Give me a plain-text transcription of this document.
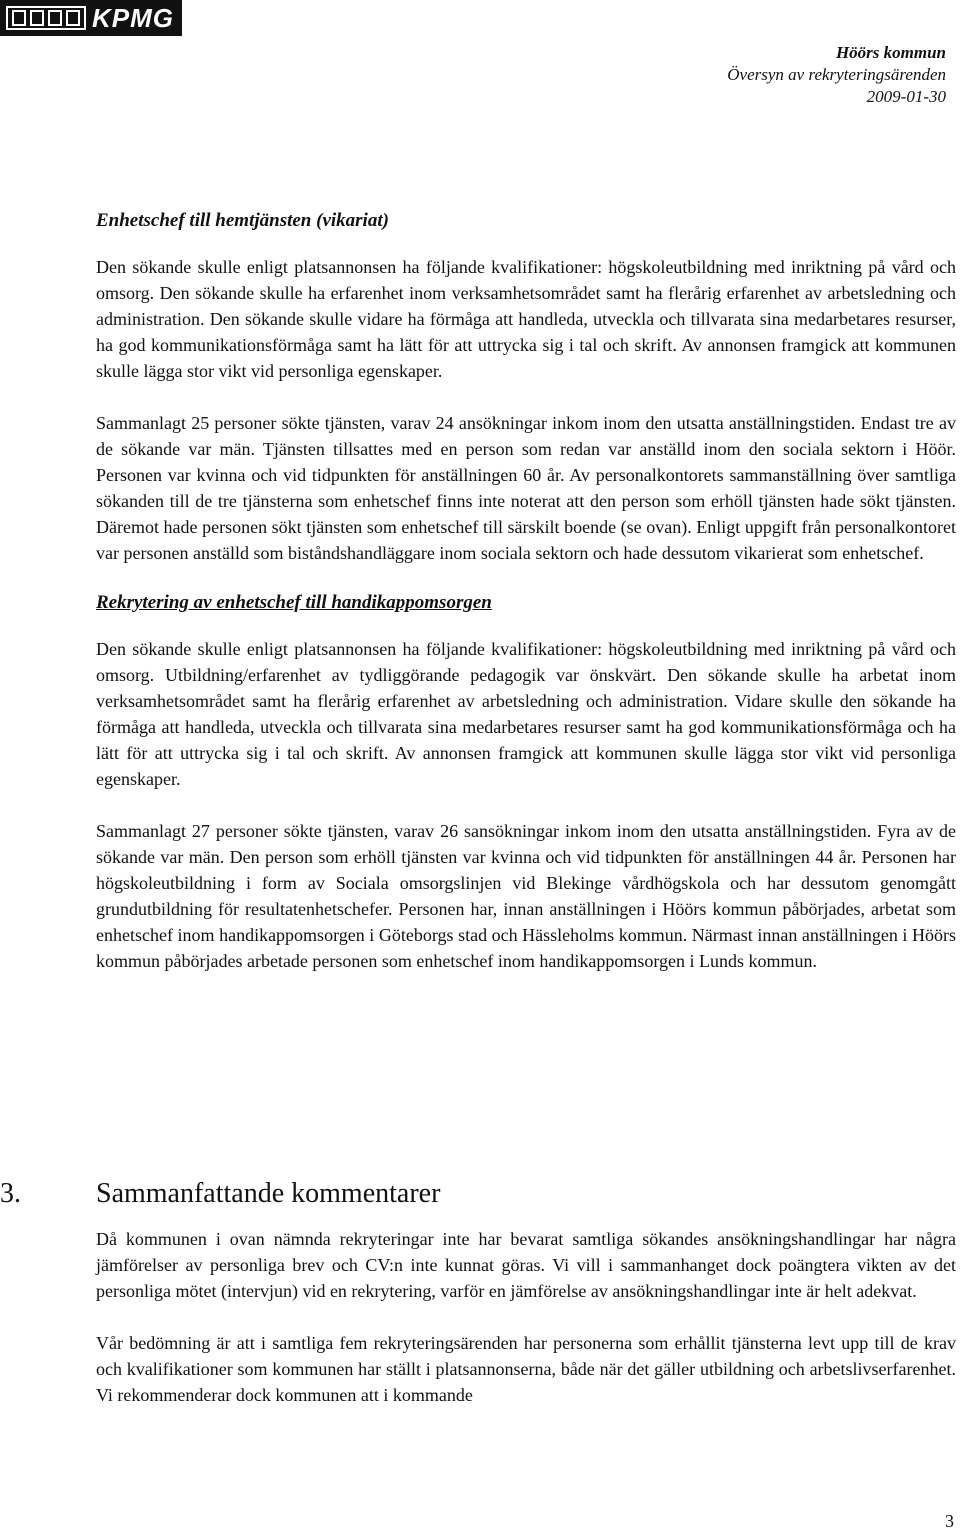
KPMG
Höörs kommun
Översyn av rekryteringsärenden
2009-01-30
Enhetschef till hemtjänsten (vikariat)

Den sökande skulle enligt platsannonsen ha följande kvalifikationer: högskoleutbildning med inriktning på vård och omsorg. Den sökande skulle ha erfarenhet inom verksamhetsområdet samt ha flerårig erfarenhet av arbetsledning och administration. Den sökande skulle vidare ha förmåga att handleda, utveckla och tillvarata sina medarbetares resurser, ha god kommunikationsförmåga samt ha lätt för att uttrycka sig i tal och skrift. Av annonsen framgick att kommunen skulle lägga stor vikt vid personliga egenskaper.

Sammanlagt 25 personer sökte tjänsten, varav 24 ansökningar inkom inom den utsatta anställningstiden. Endast tre av de sökande var män. Tjänsten tillsattes med en person som redan var anställd inom den sociala sektorn i Höör. Personen var kvinna och vid tidpunkten för anställningen 60 år. Av personalkontorets sammanställning över samtliga sökanden till de tre tjänsterna som enhetschef finns inte noterat att den person som erhöll tjänsten hade sökt tjänsten. Däremot hade personen sökt tjänsten som enhetschef till särskilt boende (se ovan). Enligt uppgift från personalkontoret var personen anställd som biståndshandläggare inom sociala sektorn och hade dessutom vikarierat som enhetschef.

Rekrytering av enhetschef till handikappomsorgen

Den sökande skulle enligt platsannonsen ha följande kvalifikationer: högskoleutbildning med inriktning på vård och omsorg. Utbildning/erfarenhet av tydliggörande pedagogik var önskvärt. Den sökande skulle ha arbetat inom verksamhetsområdet samt ha flerårig erfarenhet av arbetsledning och administration. Vidare skulle den sökande ha förmåga att handleda, utveckla och tillvarata sina medarbetares resurser samt ha god kommunikationsförmåga och ha lätt för att uttrycka sig i tal och skrift. Av annonsen framgick att kommunen skulle lägga stor vikt vid personliga egenskaper.

Sammanlagt 27 personer sökte tjänsten, varav 26 sansökningar inkom inom den utsatta anställningstiden. Fyra av de sökande var män. Den person som erhöll tjänsten var kvinna och vid tidpunkten för anställningen 44 år. Personen har högskoleutbildning i form av Sociala omsorgslinjen vid Blekinge vårdhögskola och har dessutom genomgått grundutbildning för resultatenhetschefer. Personen har, innan anställningen i Höörs kommun påbörjades, arbetat som enhetschef inom handikappomsorgen i Göteborgs stad och Hässleholms kommun. Närmast innan anställningen i Höörs kommun påbörjades arbetade personen som enhetschef inom handikappomsorgen i Lunds kommun.

3.	Sammanfattande kommentarer

Då kommunen i ovan nämnda rekryteringar inte har bevarat samtliga sökandes ansökningshandlingar har några jämförelser av personliga brev och CV:n inte kunnat göras. Vi vill i sammanhanget dock poängtera vikten av det personliga mötet (intervjun) vid en rekrytering, varför en jämförelse av ansökningshandlingar inte är helt adekvat.

Vår bedömning är att i samtliga fem rekryteringsärenden har personerna som erhållit tjänsterna levt upp till de krav och kvalifikationer som kommunen har ställt i platsannonserna, både när det gäller utbildning och arbetslivserfarenhet. Vi rekommenderar dock kommunen att i kommande

3
